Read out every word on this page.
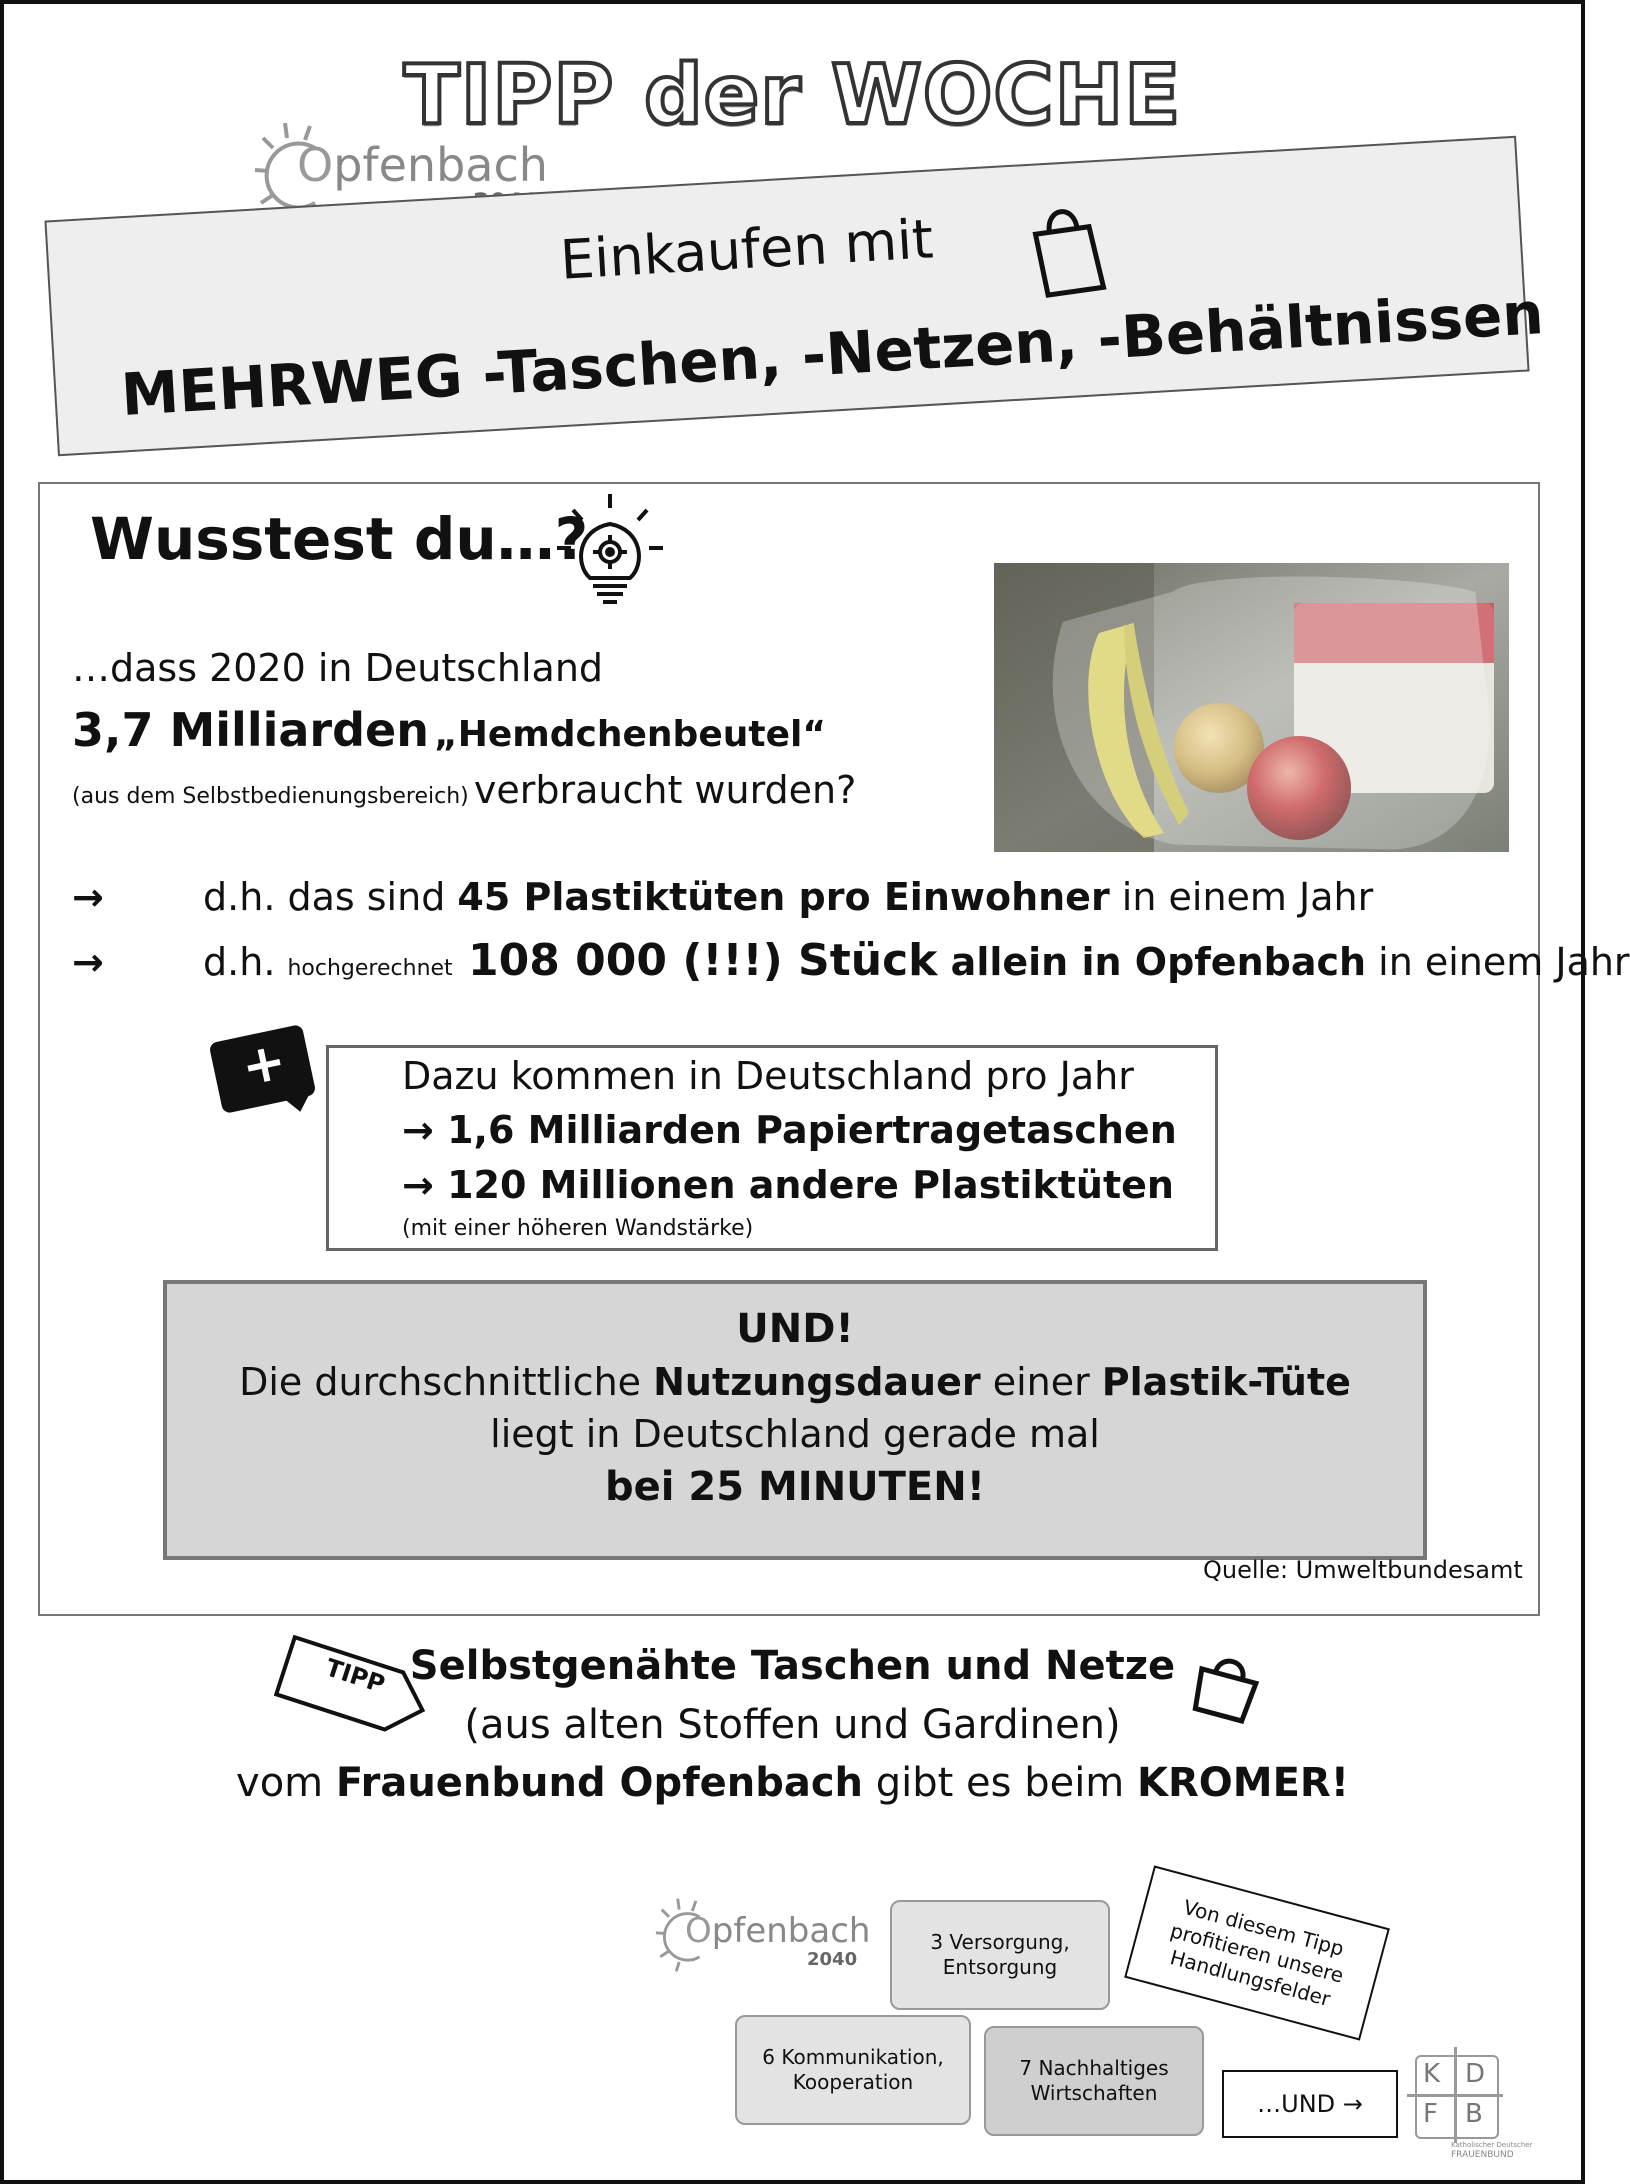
TIPP der WOCHE
Opfenbach
Einkaufen mit
MEHRWEG -Taschen, -Netzen, -Behältnissen
Wusstest du…?
…dass 2020 in Deutschland
3,7 Milliarden „Hemdchenbeutel“
(aus dem Selbstbedienungsbereich) verbraucht wurden?
→	d.h. das sind 45 Plastiktüten pro Einwohner in einem Jahr
→	d.h. hochgerechnet 108 000 (!!!) Stück allein in Opfenbach in einem Jahr
+	Dazu kommen in Deutschland pro Jahr
→ 1,6 Milliarden Papiertragetaschen
→ 120 Millionen andere Plastiktüten
(mit einer höheren Wandstärke)
UND!
Die durchschnittliche Nutzungsdauer einer Plastik-Tüte
liegt in Deutschland gerade mal
bei 25 MINUTEN!
Quelle: Umweltbundesamt
TIPP Selbstgenähte Taschen und Netze
(aus alten Stoffen und Gardinen)
vom Frauenbund Opfenbach gibt es beim KROMER!
Opfenbach
2040
3 Versorgung,
Entsorgung
6 Kommunikation,
Kooperation
7 Nachhaltiges
Wirtschaften
Von diesem Tipp profitieren unsere Handlungsfelder
…UND →
K D
F B
Katholischer Deutscher
FRAUENBUND
